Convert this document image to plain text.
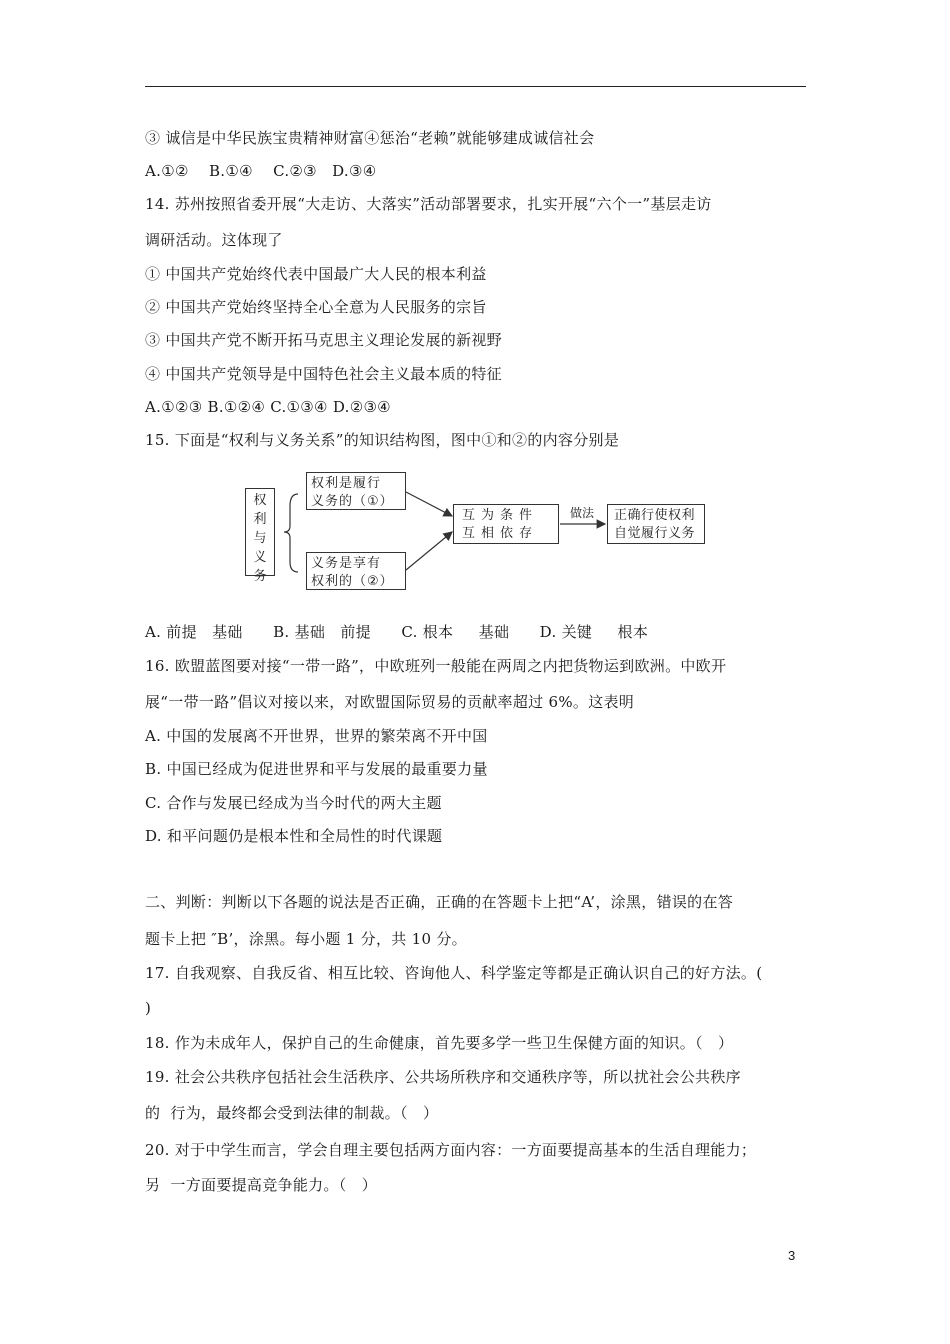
③ 诚信是中华民族宝贵精神财富④惩治“老赖”就能够建成诚信社会
A.①②    B.①④    C.②③   D.③④
14. 苏州按照省委开展“大走访、大落实”活动部署要求，扎实开展“六个一”基层走访
调研活动。这体现了
① 中国共产党始终代表中国最广大人民的根本利益
② 中国共产党始终坚持全心全意为人民服务的宗旨
③ 中国共产党不断开拓马克思主义理论发展的新视野
④ 中国共产党领导是中国特色社会主义最本质的特征
A.①②③ B.①②④ C.①③④ D.②③④
15. 下面是“权利与义务关系”的知识结构图，图中①和②的内容分别是
权
利
与
义
务
权利是履行
义务的（①）
义务是享有
权利的（②）
互为条件
互相依存
做法 正确行使权利
自觉履行义务
A. 前提   基础      B. 基础   前提      C. 根本     基础      D. 关键     根本
16. 欧盟蓝图要对接“一带一路”，中欧班列一般能在两周之内把货物运到欧洲。中欧开
展“一带一路”倡议对接以来，对欧盟国际贸易的贡献率超过 6%。这表明
A. 中国的发展离不开世界，世界的繁荣离不开中国
B. 中国已经成为促进世界和平与发展的最重要力量
C. 合作与发展已经成为当今时代的两大主题
D. 和平问题仍是根本性和全局性的时代课题
二、判断：判断以下各题的说法是否正确，正确的在答题卡上把“A’，涂黑，错误的在答
题卡上把 ″B’，涂黑。每小题 1 分，共 10 分。
17. 自我观察、自我反省、相互比较、咨询他人、科学鉴定等都是正确认识自己的好方法。(
)
18. 作为未成年人，保护自己的生命健康，首先要多学一些卫生保健方面的知识。（   ）
19. 社会公共秩序包括社会生活秩序、公共场所秩序和交通秩序等，所以扰社会公共秩序
的  行为，最终都会受到法律的制裁。（   ）
20. 对于中学生而言，学会自理主要包括两方面内容：一方面要提高基本的生活自理能力；
另  一方面要提高竞争能力。（   ）
3
